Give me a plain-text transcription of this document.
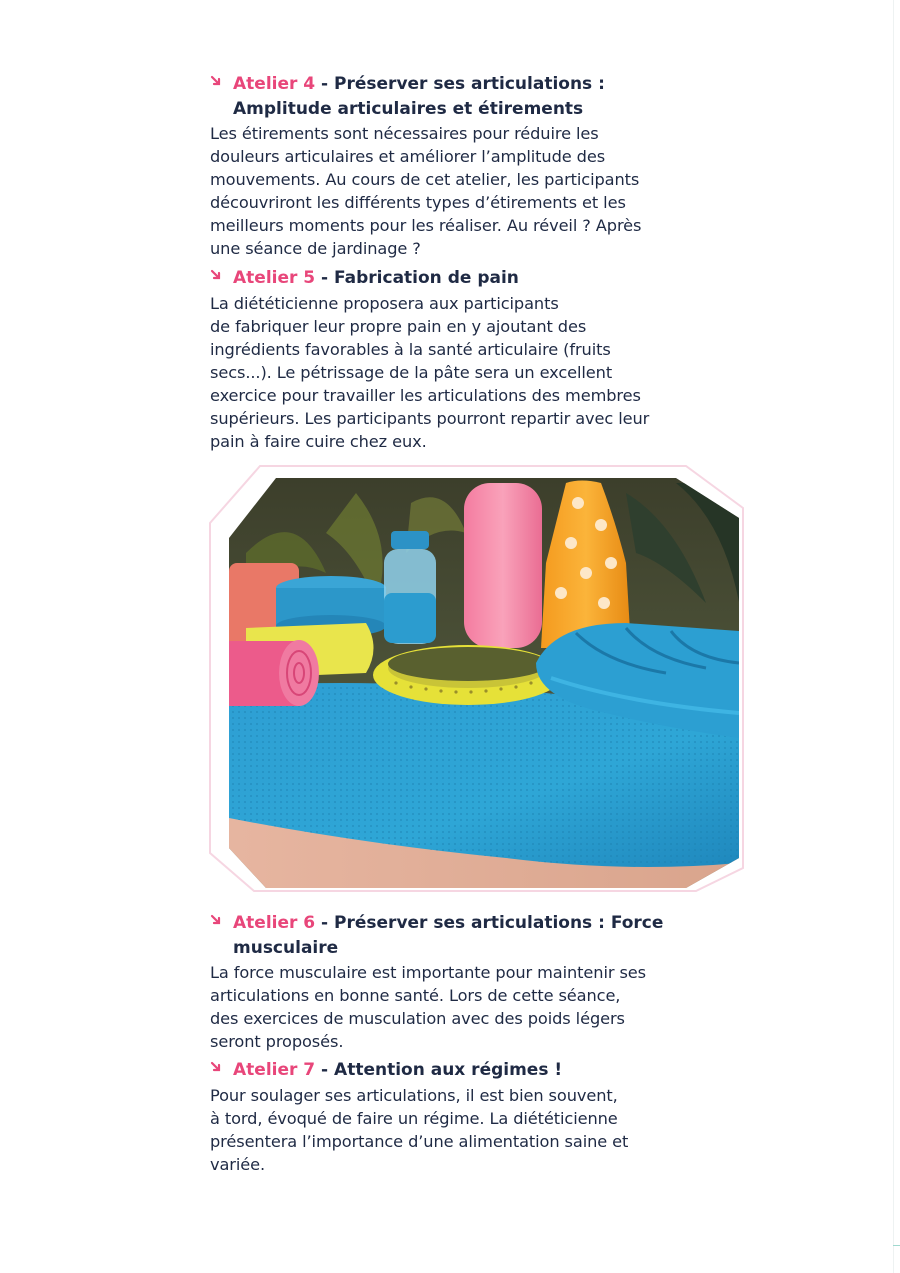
Atelier 4 - Préserver ses articulations : Amplitude articulaires et étirements

Les étirements sont nécessaires pour réduire les
douleurs articulaires et améliorer l’amplitude des
mouvements. Au cours de cet atelier, les participants
découvriront les différents types d’étirements et les
meilleurs moments pour les réaliser. Au réveil ? Après
une séance de jardinage ?

Atelier 5 - Fabrication de pain

La diététicienne proposera aux participants
de fabriquer leur propre pain en y ajoutant des
ingrédients favorables à la santé articulaire (fruits
secs...). Le pétrissage de la pâte sera un excellent
exercice pour travailler les articulations des membres
supérieurs. Les participants pourront repartir avec leur
pain à faire cuire chez eux.

Atelier 6 - Préserver ses articulations : Force musculaire

La force musculaire est importante pour maintenir ses
articulations en bonne santé. Lors de cette séance,
des exercices de musculation avec des poids légers
seront proposés.

Atelier 7 - Attention aux régimes !

Pour soulager ses articulations, il est bien souvent,
à tord, évoqué de faire un régime. La diététicienne
présentera l’importance d’une alimentation saine et
variée.
